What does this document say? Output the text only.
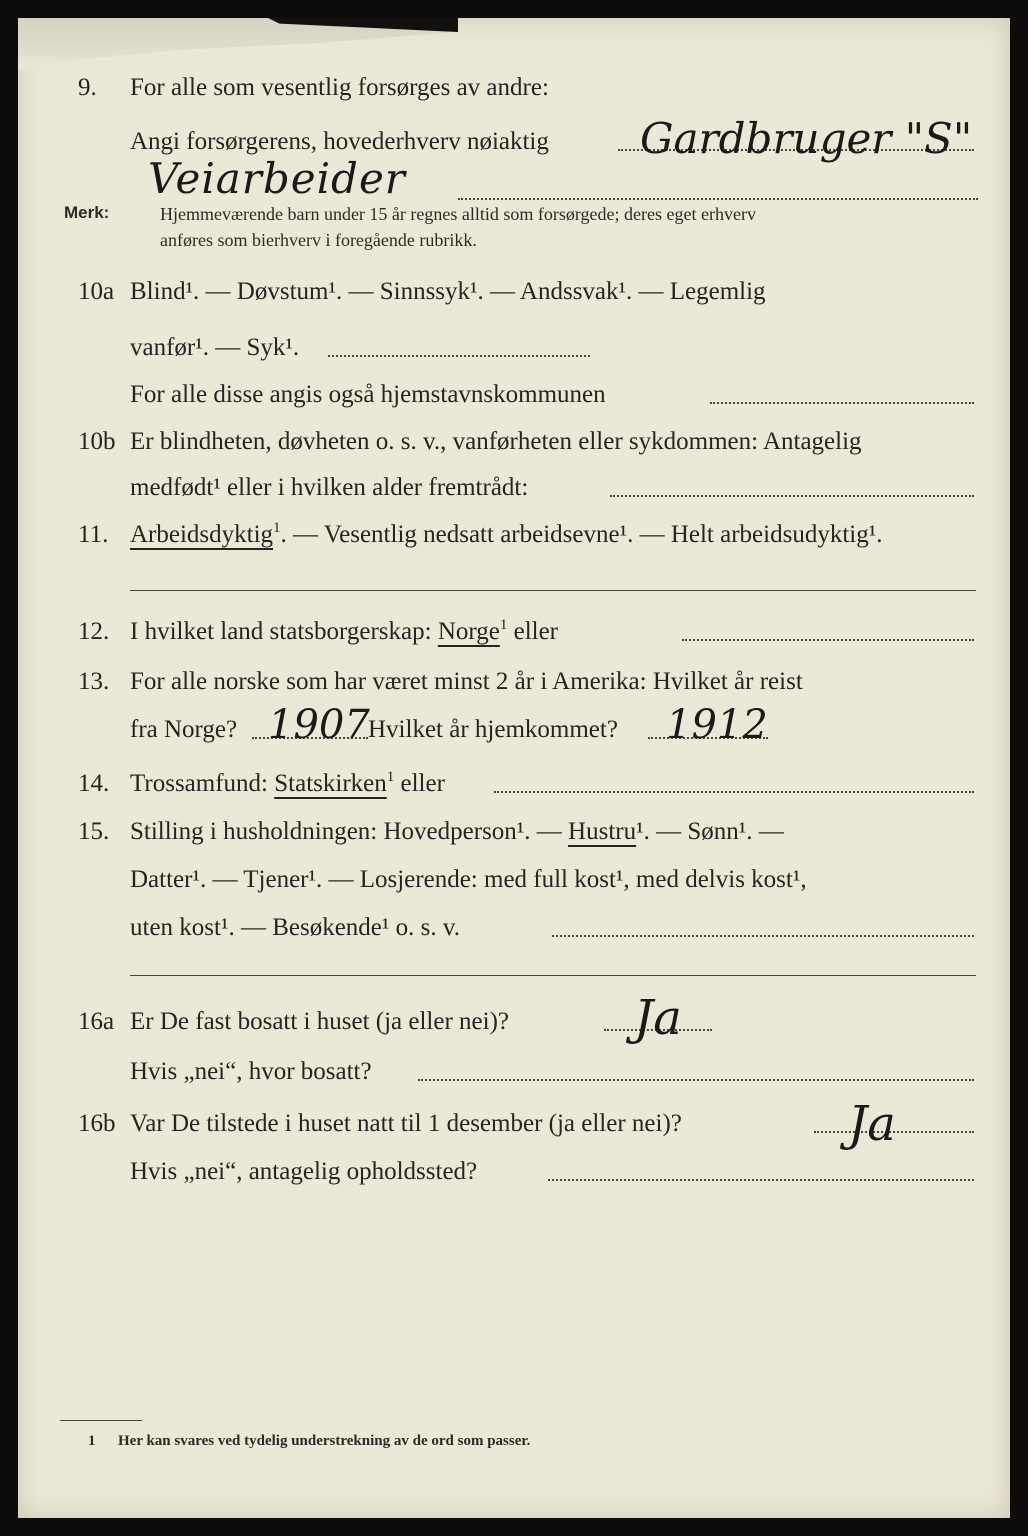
9. For alle som vesentlig forsørges av andre:
Angi forsørgerens, hovederhverv nøiaktig Gardbruger "S"
Veiarbeider
Merk:	Hjemmeværende barn under 15 år regnes alltid som forsørgede; deres eget erhverv
anføres som bierhverv i foregående rubrikk.
10a Blind¹. — Døvstum¹. — Sinnssyk¹. — Andssvak¹. — Legemlig
vanfør¹. — Syk¹.
For alle disse angis også hjemstavnskommunen
10b Er blindheten, døvheten o. s. v., vanførheten eller sykdommen: Antagelig
medfødt¹ eller i hvilken alder fremtrådt:
11. Arbeidsdyktig$^1$. — Vesentlig nedsatt arbeidsevne¹. — Helt arbeidsudyktig¹.
12. I hvilket land statsborgerskap: Norge$^1$ eller
13. For alle norske som har været minst 2 år i Amerika: Hvilket år reist
fra Norge?	Hvilket år hjemkommet?
1907	1912
14. Trossamfund: Statskirken$^1$ eller
15. Stilling i husholdningen: Hovedperson¹. — Hustru¹. — Sønn¹. —
Datter¹. — Tjener¹. — Losjerende: med full kost¹, med delvis kost¹,
uten kost¹. — Besøkende¹ o. s. v.
16a Er De fast bosatt i huset (ja eller nei)?	Ja
Hvis „nei“, hvor bosatt?
16b Var De tilstede i huset natt til 1 desember (ja eller nei)?	Ja
Hvis „nei“, antagelig opholdssted?
1 Her kan svares ved tydelig understrekning av de ord som passer.
